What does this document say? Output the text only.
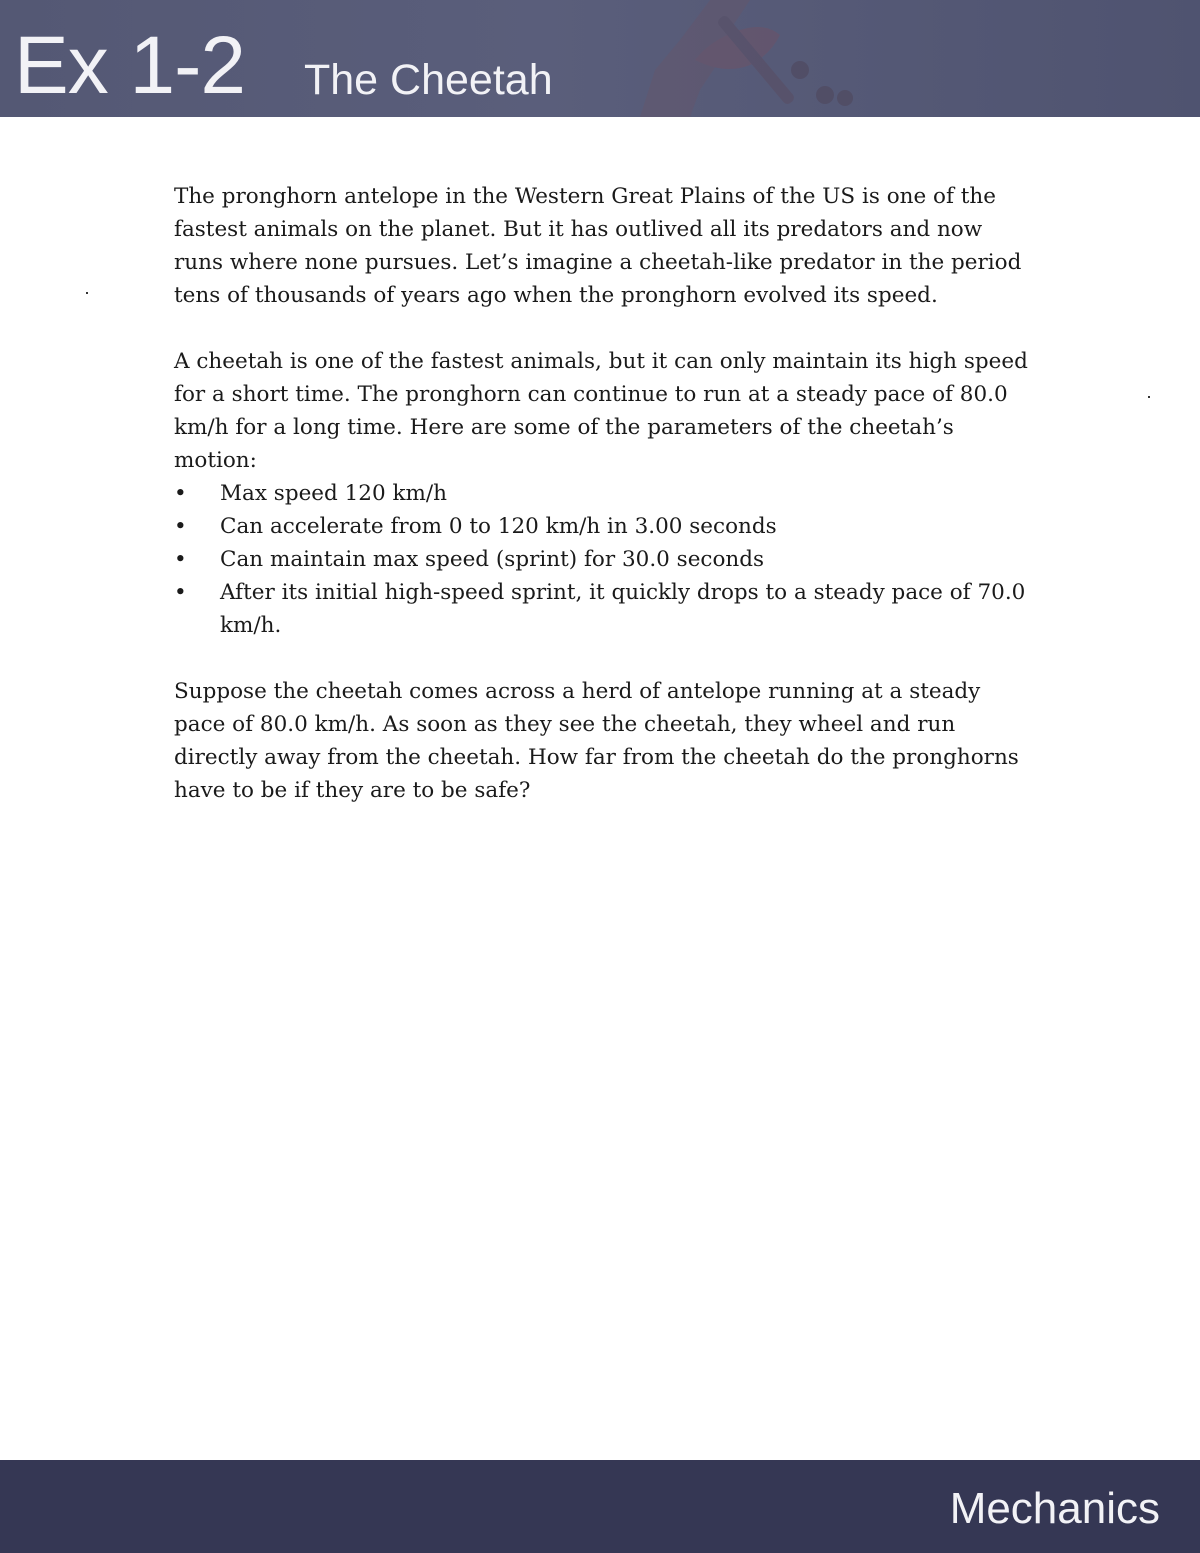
Ex 1-2 The Cheetah

The pronghorn antelope in the Western Great Plains of the US is one of the fastest animals on the planet. But it has outlived all its predators and now runs where none pursues. Let’s imagine a cheetah-like predator in the period tens of thousands of years ago when the pronghorn evolved its speed.

A cheetah is one of the fastest animals, but it can only maintain its high speed for a short time. The pronghorn can continue to run at a steady pace of 80.0 km/h for a long time. Here are some of the parameters of the cheetah’s motion:

• Max speed 120 km/h
• Can accelerate from 0 to 120 km/h in 3.00 seconds
• Can maintain max speed (sprint) for 30.0 seconds
• After its initial high-speed sprint, it quickly drops to a steady pace of 70.0 km/h.

Suppose the cheetah comes across a herd of antelope running at a steady pace of 80.0 km/h. As soon as they see the cheetah, they wheel and run directly away from the cheetah. How far from the cheetah do the pronghorns have to be if they are to be safe?

Mechanics
